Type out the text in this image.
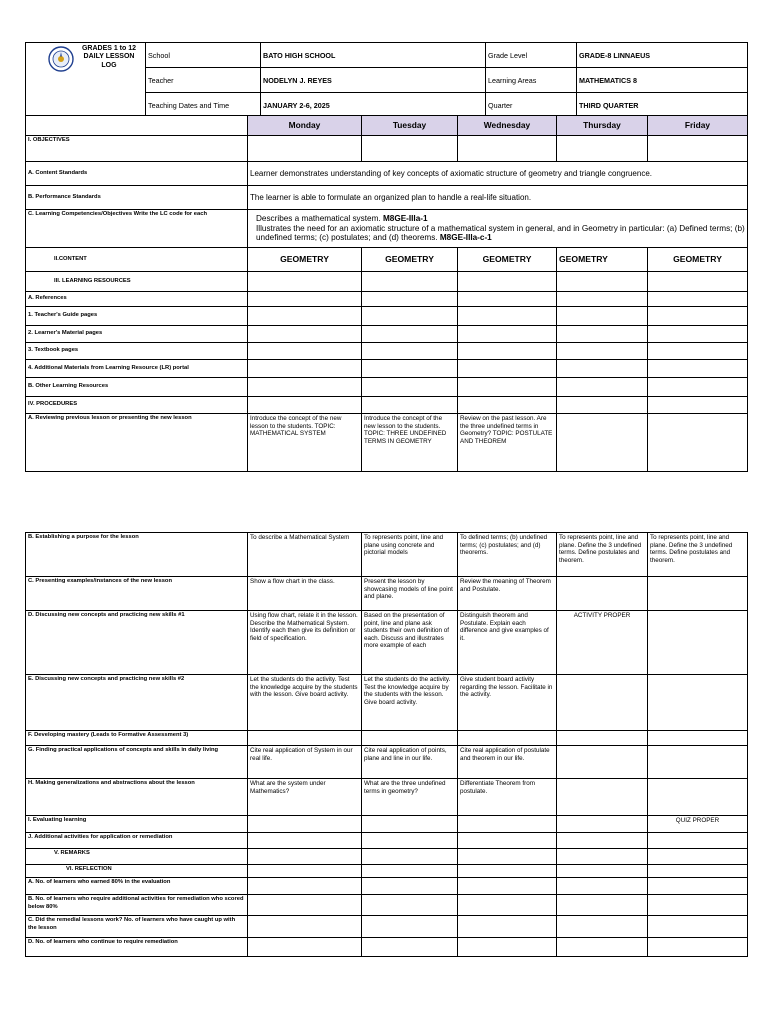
GRADES 1 to 12
DAILY LESSON
LOG	School	BATO HIGH SCHOOL	Grade Level	GRADE-8 LINNAEUS
	Teacher	NODELYN J. REYES	Learning Areas	MATHEMATICS 8
	Teaching Dates and Time	JANUARY 2-6, 2025	Quarter	THIRD QUARTER
	Monday	Tuesday	Wednesday	Thursday	Friday
I. OBJECTIVES					
A. Content Standards	Learner demonstrates understanding of key concepts of axiomatic structure of geometry and triangle congruence.				
B. Performance Standards	The learner is able to formulate an organized plan to handle a real-life situation.				
C. Learning Competencies/Objectives Write the LC code for each	Describes a mathematical system. M8GE-IIIa-1
Illustrates the need for an axiomatic structure of a mathematical system in general, and in Geometry in particular: (a) Defined terms; (b) undefined terms; (c) postulates; and (d) theorems. M8GE-IIIa-c-1				

II.CONTENT	GEOMETRY	GEOMETRY	GEOMETRY	GEOMETRY	GEOMETRY
III. LEARNING RESOURCES					
A. References					
1. Teacher's Guide pages					
2. Learner's Material pages					
3. Textbook pages					
4. Additional Materials from Learning Resource (LR) portal					
B. Other Learning Resources					
IV. PROCEDURES					
A. Reviewing previous lesson or presenting the new lesson	Introduce the concept of the new lesson to the students. TOPIC: MATHEMATICAL SYSTEM	Introduce the concept of the new lesson to the students. TOPIC: THREE UNDEFINED TERMS IN GEOMETRY	Review on the past lesson. Are the three undefined terms in Geometry? TOPIC: POSTULATE AND THEOREM		
B. Establishing a purpose for the lesson	To describe a Mathematical System	To represents point, line and plane using concrete and pictorial models	To defined terms; (b) undefined terms; (c) postulates; and (d) theorems.	To represents point, line and plane. Define the 3 undefined terms. Define postulates and theorem.	To represents point, line and plane. Define the 3 undefined terms. Define postulates and theorem.
C. Presenting examples/instances of the new lesson	Show a flow chart in the class.	Present the lesson by showcasing models of line point and plane.	Review the meaning of Theorem and Postulate.		
D. Discussing new concepts and practicing new skills #1	Using flow chart, relate it in the lesson. Describe the Mathematical System. Identify each then give its definition or field of specification.	Based on the presentation of point, line and plane ask students their own definition of each. Discuss and illustrates more example of each	Distinguish theorem and Postulate. Explain each difference and give examples of it.	ACTIVITY PROPER	
E. Discussing new concepts and practicing new skills #2	Let the students do the activity. Test the knowledge acquire by the students with the lesson. Give board activity.	Let the students do the activity. Test the knowledge acquire by the students with the lesson. Give board activity.	Give student board activity regarding the lesson. Facilitate in the activity.		
F. Developing mastery (Leads to Formative Assessment 3)					
G. Finding practical applications of concepts and skills in daily living	Cite real application of System in our real life.	Cite real application of points, plane and line in our life.	Cite real application of postulate and theorem in our life.		
H. Making generalizations and abstractions about the lesson	What are the system under Mathematics?	What are the three undefined terms in geometry?	Differentiate Theorem from postulate.		
I. Evaluating learning					QUIZ PROPER
J. Additional activities for application or remediation					
V. REMARKS					
VI. REFLECTION					
A. No. of learners who earned 80% in the evaluation					
B. No. of learners who require additional activities for remediation who scored below 80%					
C. Did the remedial lessons work? No. of learners who have caught up with the lesson					
D. No. of learners who continue to require remediation					
